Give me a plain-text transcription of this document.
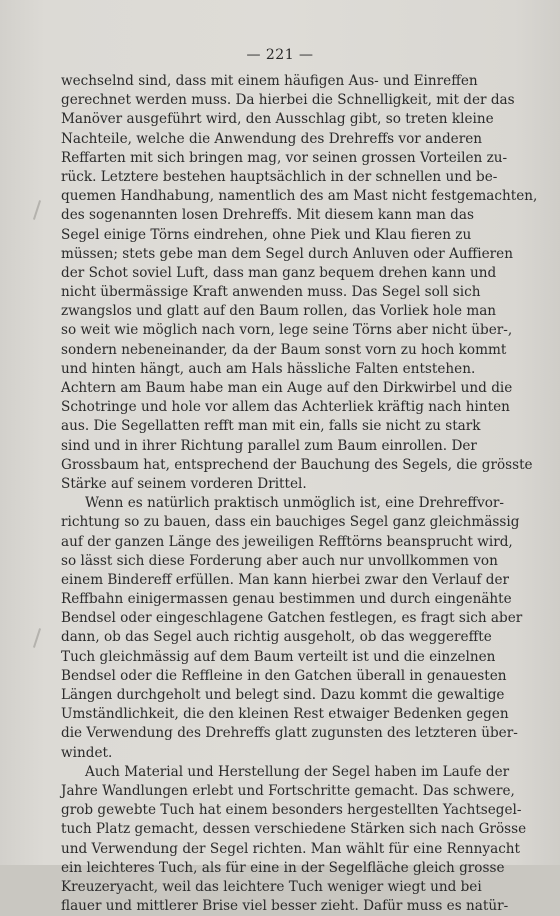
— 221 —
wechselnd sind, dass mit einem häufigen Aus- und Einreffen
gerechnet werden muss. Da hierbei die Schnelligkeit, mit der das
Manöver ausgeführt wird, den Ausschlag gibt, so treten kleine
Nachteile, welche die Anwendung des Drehreffs vor anderen
Reffarten mit sich bringen mag, vor seinen grossen Vorteilen zu-
rück. Letztere bestehen hauptsächlich in der schnellen und be-
quemen Handhabung, namentlich des am Mast nicht festgemachten,
des sogenannten losen Drehreffs. Mit diesem kann man das
Segel einige Törns eindrehen, ohne Piek und Klau fieren zu
müssen; stets gebe man dem Segel durch Anluven oder Auffieren
der Schot soviel Luft, dass man ganz bequem drehen kann und
nicht übermässige Kraft anwenden muss. Das Segel soll sich
zwangslos und glatt auf den Baum rollen, das Vorliek hole man
so weit wie möglich nach vorn, lege seine Törns aber nicht über-,
sondern nebeneinander, da der Baum sonst vorn zu hoch kommt
und hinten hängt, auch am Hals hässliche Falten entstehen.
Achtern am Baum habe man ein Auge auf den Dirkwirbel und die
Schotringe und hole vor allem das Achterliek kräftig nach hinten
aus. Die Segellatten refft man mit ein, falls sie nicht zu stark
sind und in ihrer Richtung parallel zum Baum einrollen. Der
Grossbaum hat, entsprechend der Bauchung des Segels, die grösste
Stärke auf seinem vorderen Drittel.
Wenn es natürlich praktisch unmöglich ist, eine Drehreffvor-
richtung so zu bauen, dass ein bauchiges Segel ganz gleichmässig
auf der ganzen Länge des jeweiligen Refftörns beansprucht wird,
so lässt sich diese Forderung aber auch nur unvollkommen von
einem Bindereff erfüllen. Man kann hierbei zwar den Verlauf der
Reffbahn einigermassen genau bestimmen und durch eingenähte
Bendsel oder eingeschlagene Gatchen festlegen, es fragt sich aber
dann, ob das Segel auch richtig ausgeholt, ob das weggereffte
Tuch gleichmässig auf dem Baum verteilt ist und die einzelnen
Bendsel oder die Reffleine in den Gatchen überall in genauesten
Längen durchgeholt und belegt sind. Dazu kommt die gewaltige
Umständlichkeit, die den kleinen Rest etwaiger Bedenken gegen
die Verwendung des Drehreffs glatt zugunsten des letzteren über-
windet.
Auch Material und Herstellung der Segel haben im Laufe der
Jahre Wandlungen erlebt und Fortschritte gemacht. Das schwere,
grob gewebte Tuch hat einem besonders hergestellten Yachtsegel-
tuch Platz gemacht, dessen verschiedene Stärken sich nach Grösse
und Verwendung der Segel richten. Man wählt für eine Rennyacht
ein leichteres Tuch, als für eine in der Segelfläche gleich grosse
Kreuzeryacht, weil das leichtere Tuch weniger wiegt und bei
flauer und mittlerer Brise viel besser zieht. Dafür muss es natür-
